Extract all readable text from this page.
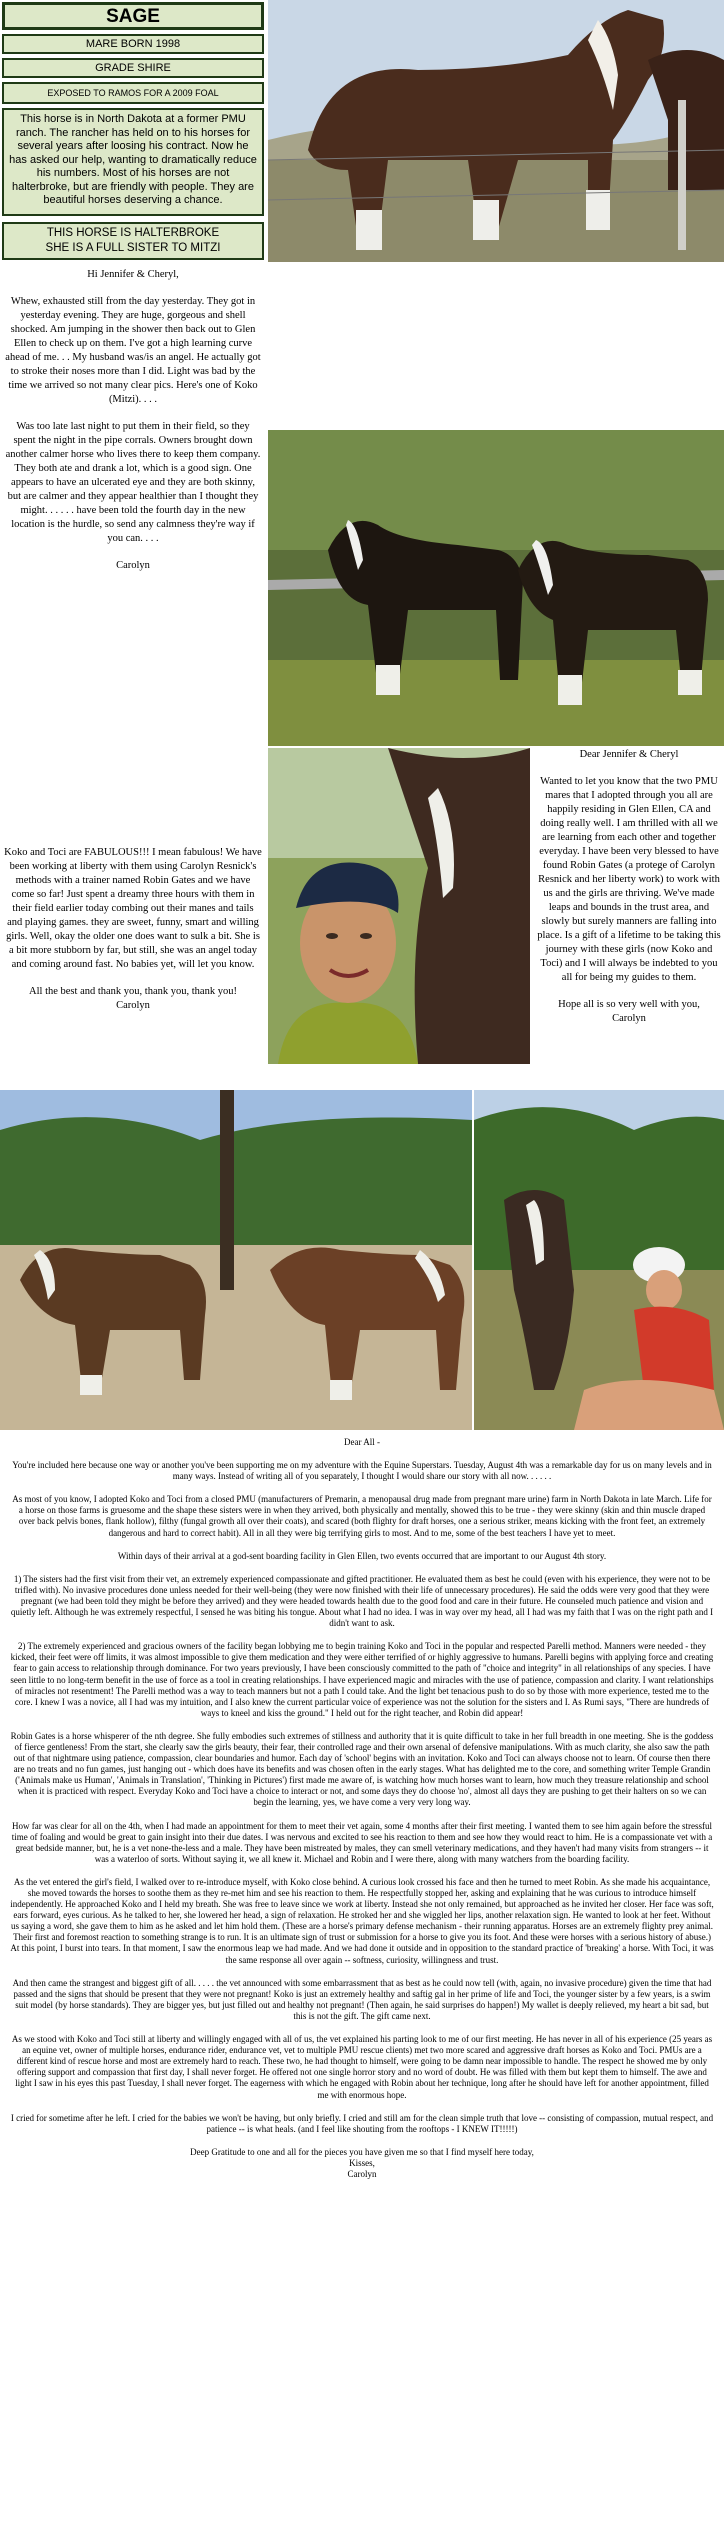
SAGE
MARE BORN 1998
GRADE SHIRE
EXPOSED TO RAMOS FOR A 2009 FOAL
This horse is in North Dakota at a former PMU ranch. The rancher has held on to his horses for several years after loosing his contract. Now he has asked our help, wanting to dramatically reduce his numbers. Most of his horses are not halterbroke, but are friendly with people. They are beautiful horses deserving a chance.
THIS HORSE IS HALTERBROKE
SHE IS A FULL SISTER TO MITZI

Hi Jennifer & Cheryl,

Whew, exhausted still from the day yesterday. They got in yesterday evening. They are huge, gorgeous and shell shocked. Am jumping in the shower then back out to Glen Ellen to check up on them. I've got a high learning curve ahead of me. . . My husband was/is an angel. He actually got to stroke their noses more than I did. Light was bad by the time we arrived so not many clear pics. Here's one of Koko (Mitzi). . . .

Was too late last night to put them in their field, so they spent the night in the pipe corrals. Owners brought down another calmer horse who lives there to keep them company. They both ate and drank a lot, which is a good sign. One appears to have an ulcerated eye and they are both skinny, but are calmer and they appear healthier than I thought they might. . . . . . have been told the fourth day in the new location is the hurdle, so send any calmness they're way if you can. . . .

Carolyn

Koko and Toci are FABULOUS!!! I mean fabulous! We have been working at liberty with them using Carolyn Resnick's methods with a trainer named Robin Gates and we have come so far! Just spent a dreamy three hours with them in their field earlier today combing out their manes and tails and playing games. they are sweet, funny, smart and willing girls. Well, okay the older one does want to sulk a bit. She is a bit more stubborn by far, but still, she was an angel today and coming around fast. No babies yet, will let you know.

All the best and thank you, thank you, thank you!

Carolyn

Dear Jennifer & Cheryl

Wanted to let you know that the two PMU mares that I adopted through you all are happily residing in Glen Ellen, CA and doing really well. I am thrilled with all we are learning from each other and together everyday. I have been very blessed to have found Robin Gates (a protege of Carolyn Resnick and her liberty work) to work with us and the girls are thriving. We've made leaps and bounds in the trust area, and slowly but surely manners are falling into place. Is a gift of a lifetime to be taking this journey with these girls (now Koko and Toci) and I will always be indebted to you all for being my guides to them.

Hope all is so very well with you,

Carolyn

Dear All -

You're included here because one way or another you've been supporting me on my adventure with the Equine Superstars. Tuesday, August 4th was a remarkable day for us on many levels and in many ways. Instead of writing all of you separately, I thought I would share our story with all now. . . . . .

As most of you know, I adopted Koko and Toci from a closed PMU (manufacturers of Premarin, a menopausal drug made from pregnant mare urine) farm in North Dakota in late March. Life for a horse on those farms is gruesome and the shape these sisters were in when they arrived, both physically and mentally, showed this to be true - they were skinny (skin and thin muscle draped over back pelvis bones, flank hollow), filthy (fungal growth all over their coats), and scared (both flighty for draft horses, one a serious striker, means kicking with the front feet, an extremely dangerous and hard to correct habit). All in all they were big terrifying girls to most. And to me, some of the best teachers I have yet to meet.

Within days of their arrival at a god-sent boarding facility in Glen Ellen, two events occurred that are important to our August 4th story.

1) The sisters had the first visit from their vet, an extremely experienced compassionate and gifted practitioner. He evaluated them as best he could (even with his experience, they were not to be trifled with). No invasive procedures done unless needed for their well-being (they were now finished with their life of unnecessary procedures). He said the odds were very good that they were pregnant (we had been told they might be before they arrived) and they were headed towards health due to the good food and care in their future. He counseled much patience and vision and quietly left. Although he was extremely respectful, I sensed he was biting his tongue. About what I had no idea. I was in way over my head, all I had was my faith that I was on the right path and I didn't want to ask.

2) The extremely experienced and gracious owners of the facility began lobbying me to begin training Koko and Toci in the popular and respected Parelli method. Manners were needed - they kicked, their feet were off limits, it was almost impossible to give them medication and they were either terrified of or highly aggressive to humans. Parelli begins with applying force and creating fear to gain access to relationship through dominance. For two years previously, I have been consciously committed to the path of "choice and integrity" in all relationships of any species. I have seen little to no long-term benefit in the use of force as a tool in creating relationships. I have experienced magic and miracles with the use of patience, compassion and clarity. I want relationships of miracles not resentment! The Parelli method was a way to teach manners but not a path I could take. And the light bet tenacious push to do so by those with more experience, tested me to the core. I knew I was a novice, all I had was my intuition, and I also knew the current particular voice of experience was not the solution for the sisters and I. As Rumi says, "There are hundreds of ways to kneel and kiss the ground." I held out for the right teacher, and Robin did appear!

Robin Gates is a horse whisperer of the nth degree. She fully embodies such extremes of stillness and authority that it is quite difficult to take in her full breadth in one meeting. She is the goddess of fierce gentleness! From the start, she clearly saw the girls beauty, their fear, their controlled rage and their own arsenal of defensive manipulations. With as much clarity, she also saw the path out of that nightmare using patience, compassion, clear boundaries and humor. Each day of 'school' begins with an invitation. Koko and Toci can always choose not to learn. Of course then there are no treats and no fun games, just hanging out - which does have its benefits and was chosen often in the early stages. What has delighted me to the core, and something writer Temple Grandin ('Animals make us Human', 'Animals in Translation', 'Thinking in Pictures') first made me aware of, is watching how much horses want to learn, how much they treasure relationship and school when it is practiced with respect. Everyday Koko and Toci have a choice to interact or not, and some days they do choose 'no', almost all days they are pushing to get their halters on so we can begin the learning, yes, we have come a very very long way.

How far was clear for all on the 4th, when I had made an appointment for them to meet their vet again, some 4 months after their first meeting. I wanted them to see him again before the stressful time of foaling and would be great to gain insight into their due dates. I was nervous and excited to see his reaction to them and see how they would react to him. He is a compassionate vet with a great bedside manner, but, he is a vet none-the-less and a male. They have been mistreated by males, they can smell veterinary medications, and they haven't had many visits from strangers -- it was a waterloo of sorts. Without saying it, we all knew it. Michael and Robin and I were there, along with many watchers from the boarding facility.

As the vet entered the girl's field, I walked over to re-introduce myself, with Koko close behind. A curious look crossed his face and then he turned to meet Robin. As she made his acquaintance, she moved towards the horses to soothe them as they re-met him and see his reaction to them. He respectfully stopped her, asking and explaining that he was curious to introduce himself independently. He approached Koko and I held my breath. She was free to leave since we work at liberty. Instead she not only remained, but approached as he invited her closer. Her face was soft, ears forward, eyes curious. As he talked to her, she lowered her head, a sign of relaxation. He stroked her and she wiggled her lips, another relaxation sign. He wanted to look at her feet. Without us saying a word, she gave them to him as he asked and let him hold them. (These are a horse's primary defense mechanism - their running apparatus. Horses are an extremely flighty prey animal. Their first and foremost reaction to something strange is to run. It is an ultimate sign of trust or submission for a horse to give you its foot. And these were horses with a serious history of abuse.) At this point, I burst into tears. In that moment, I saw the enormous leap we had made. And we had done it outside and in opposition to the standard practice of 'breaking' a horse. With Toci, it was the same response all over again -- softness, curiosity, willingness and trust.

And then came the strangest and biggest gift of all. . . . . the vet announced with some embarrassment that as best as he could now tell (with, again, no invasive procedure) given the time that had passed and the signs that should be present that they were not pregnant! Koko is just an extremely healthy and saftig gal in her prime of life and Toci, the younger sister by a few years, is a swim suit model (by horse standards). They are bigger yes, but just filled out and healthy not pregnant! (Then again, he said surprises do happen!) My wallet is deeply relieved, my heart a bit sad, but this is not the gift. The gift came next.

As we stood with Koko and Toci still at liberty and willingly engaged with all of us, the vet explained his parting look to me of our first meeting. He has never in all of his experience (25 years as an equine vet, owner of multiple horses, endurance rider, endurance vet, vet to multiple PMU rescue clients) met two more scared and aggressive draft horses as Koko and Toci. PMUs are a different kind of rescue horse and most are extremely hard to reach. These two, he had thought to himself, were going to be damn near impossible to handle. The respect he showed me by only offering support and compassion that first day, I shall never forget. He offered not one single horror story and no word of doubt. He was filled with them but kept them to himself. The awe and light I saw in his eyes this past Tuesday, I shall never forget. The eagerness with which he engaged with Robin about her technique, long after he should have left for another appointment, filled me with enormous hope.

I cried for sometime after he left. I cried for the babies we won't be having, but only briefly. I cried and still am for the clean simple truth that love -- consisting of compassion, mutual respect, and patience -- is what heals. (and I feel like shouting from the rooftops - I KNEW IT!!!!!)

Deep Gratitude to one and all for the pieces you have given me so that I find myself here today,

Kisses,

Carolyn
